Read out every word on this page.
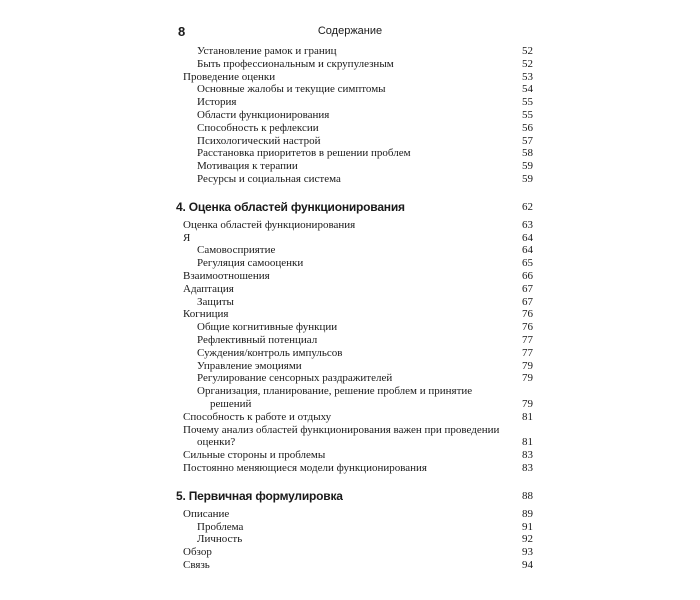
8	Содержание
Установление рамок и границ	52
Быть профессиональным и скрупулезным	52
Проведение оценки	53
Основные жалобы и текущие симптомы	54
История	55
Области функционирования	55
Способность к рефлексии	56
Психологический настрой	57
Расстановка приоритетов в решении проблем	58
Мотивация к терапии	59
Ресурсы и социальная система	59
4. Оценка областей функционирования	62
Оценка областей функционирования	63
Я	64
Самовосприятие	64
Регуляция самооценки	65
Взаимоотношения	66
Адаптация	67
Защиты	67
Когниция	76
Общие когнитивные функции	76
Рефлективный потенциал	77
Суждения/контроль импульсов	77
Управление эмоциями	79
Регулирование сенсорных раздражителей	79
Организация, планирование, решение проблем и принятие
решений	79
Способность к работе и отдыху	81
Почему анализ областей функционирования важен при проведении
оценки?	81
Сильные стороны и проблемы	83
Постоянно меняющиеся модели функционирования	83
5. Первичная формулировка	88
Описание	89
Проблема	91
Личность	92
Обзор	93
Связь	94
